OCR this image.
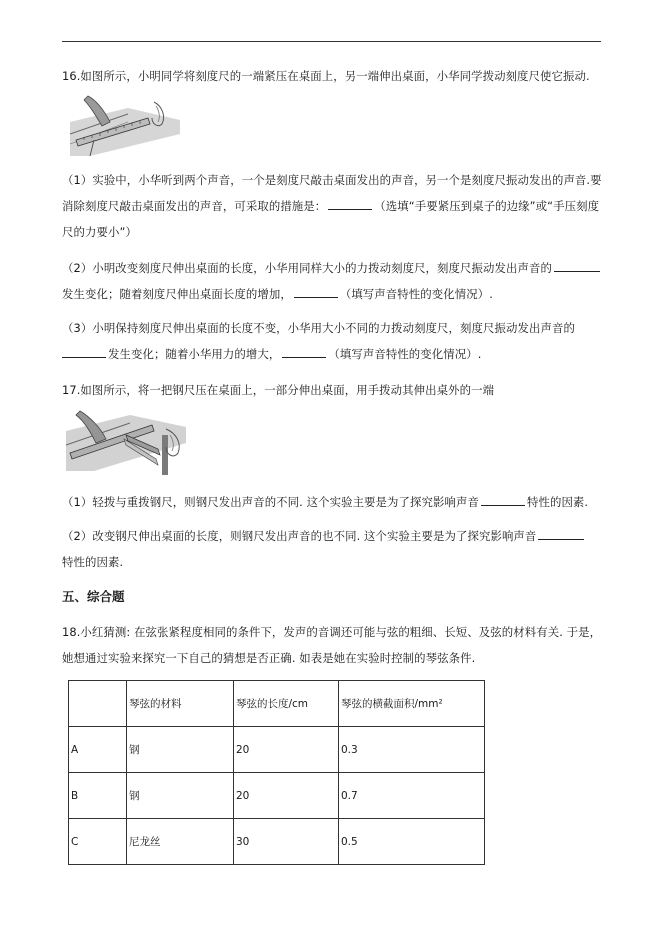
16.如图所示，小明同学将刻度尺的一端紧压在桌面上，另一端伸出桌面，小华同学拨动刻度尺使它振动.
（1）实验中，小华听到两个声音，一个是刻度尺敲击桌面发出的声音，另一个是刻度尺振动发出的声音.要
消除刻度尺敲击桌面发出的声音，可采取的措施是：	（选填“手要紧压到桌子的边缘”或“手压刻度
尺的力要小”）
（2）小明改变刻度尺伸出桌面的长度，小华用同样大小的力拨动刻度尺，刻度尺振动发出声音的
发生变化；随着刻度尺伸出桌面长度的增加，	（填写声音特性的变化情况）.
（3）小明保持刻度尺伸出桌面的长度不变，小华用大小不同的力拨动刻度尺，刻度尺振动发出声音的
发生变化；随着小华用力的增大，	（填写声音特性的变化情况）.
17.如图所示，将一把钢尺压在桌面上，一部分伸出桌面，用手拨动其伸出桌外的一端
（1）轻拨与重拨钢尺，则钢尺发出声音的不同. 这个实验主要是为了探究影响声音	特性的因素.
（2）改变钢尺伸出桌面的长度，则钢尺发出声音的也不同. 这个实验主要是为了探究影响声音
特性的因素.
五、综合题
18.小红猜测: 在弦张紧程度相同的条件下，发声的音调还可能与弦的粗细、长短、及弦的材料有关. 于是，
她想通过实验来探究一下自己的猜想是否正确. 如表是她在实验时控制的琴弦条件.
	琴弦的材料	琴弦的长度/cm	琴弦的横截面积/mm²
A	钢	20	0.3
B	钢	20	0.7
C	尼龙丝	30	0.5
